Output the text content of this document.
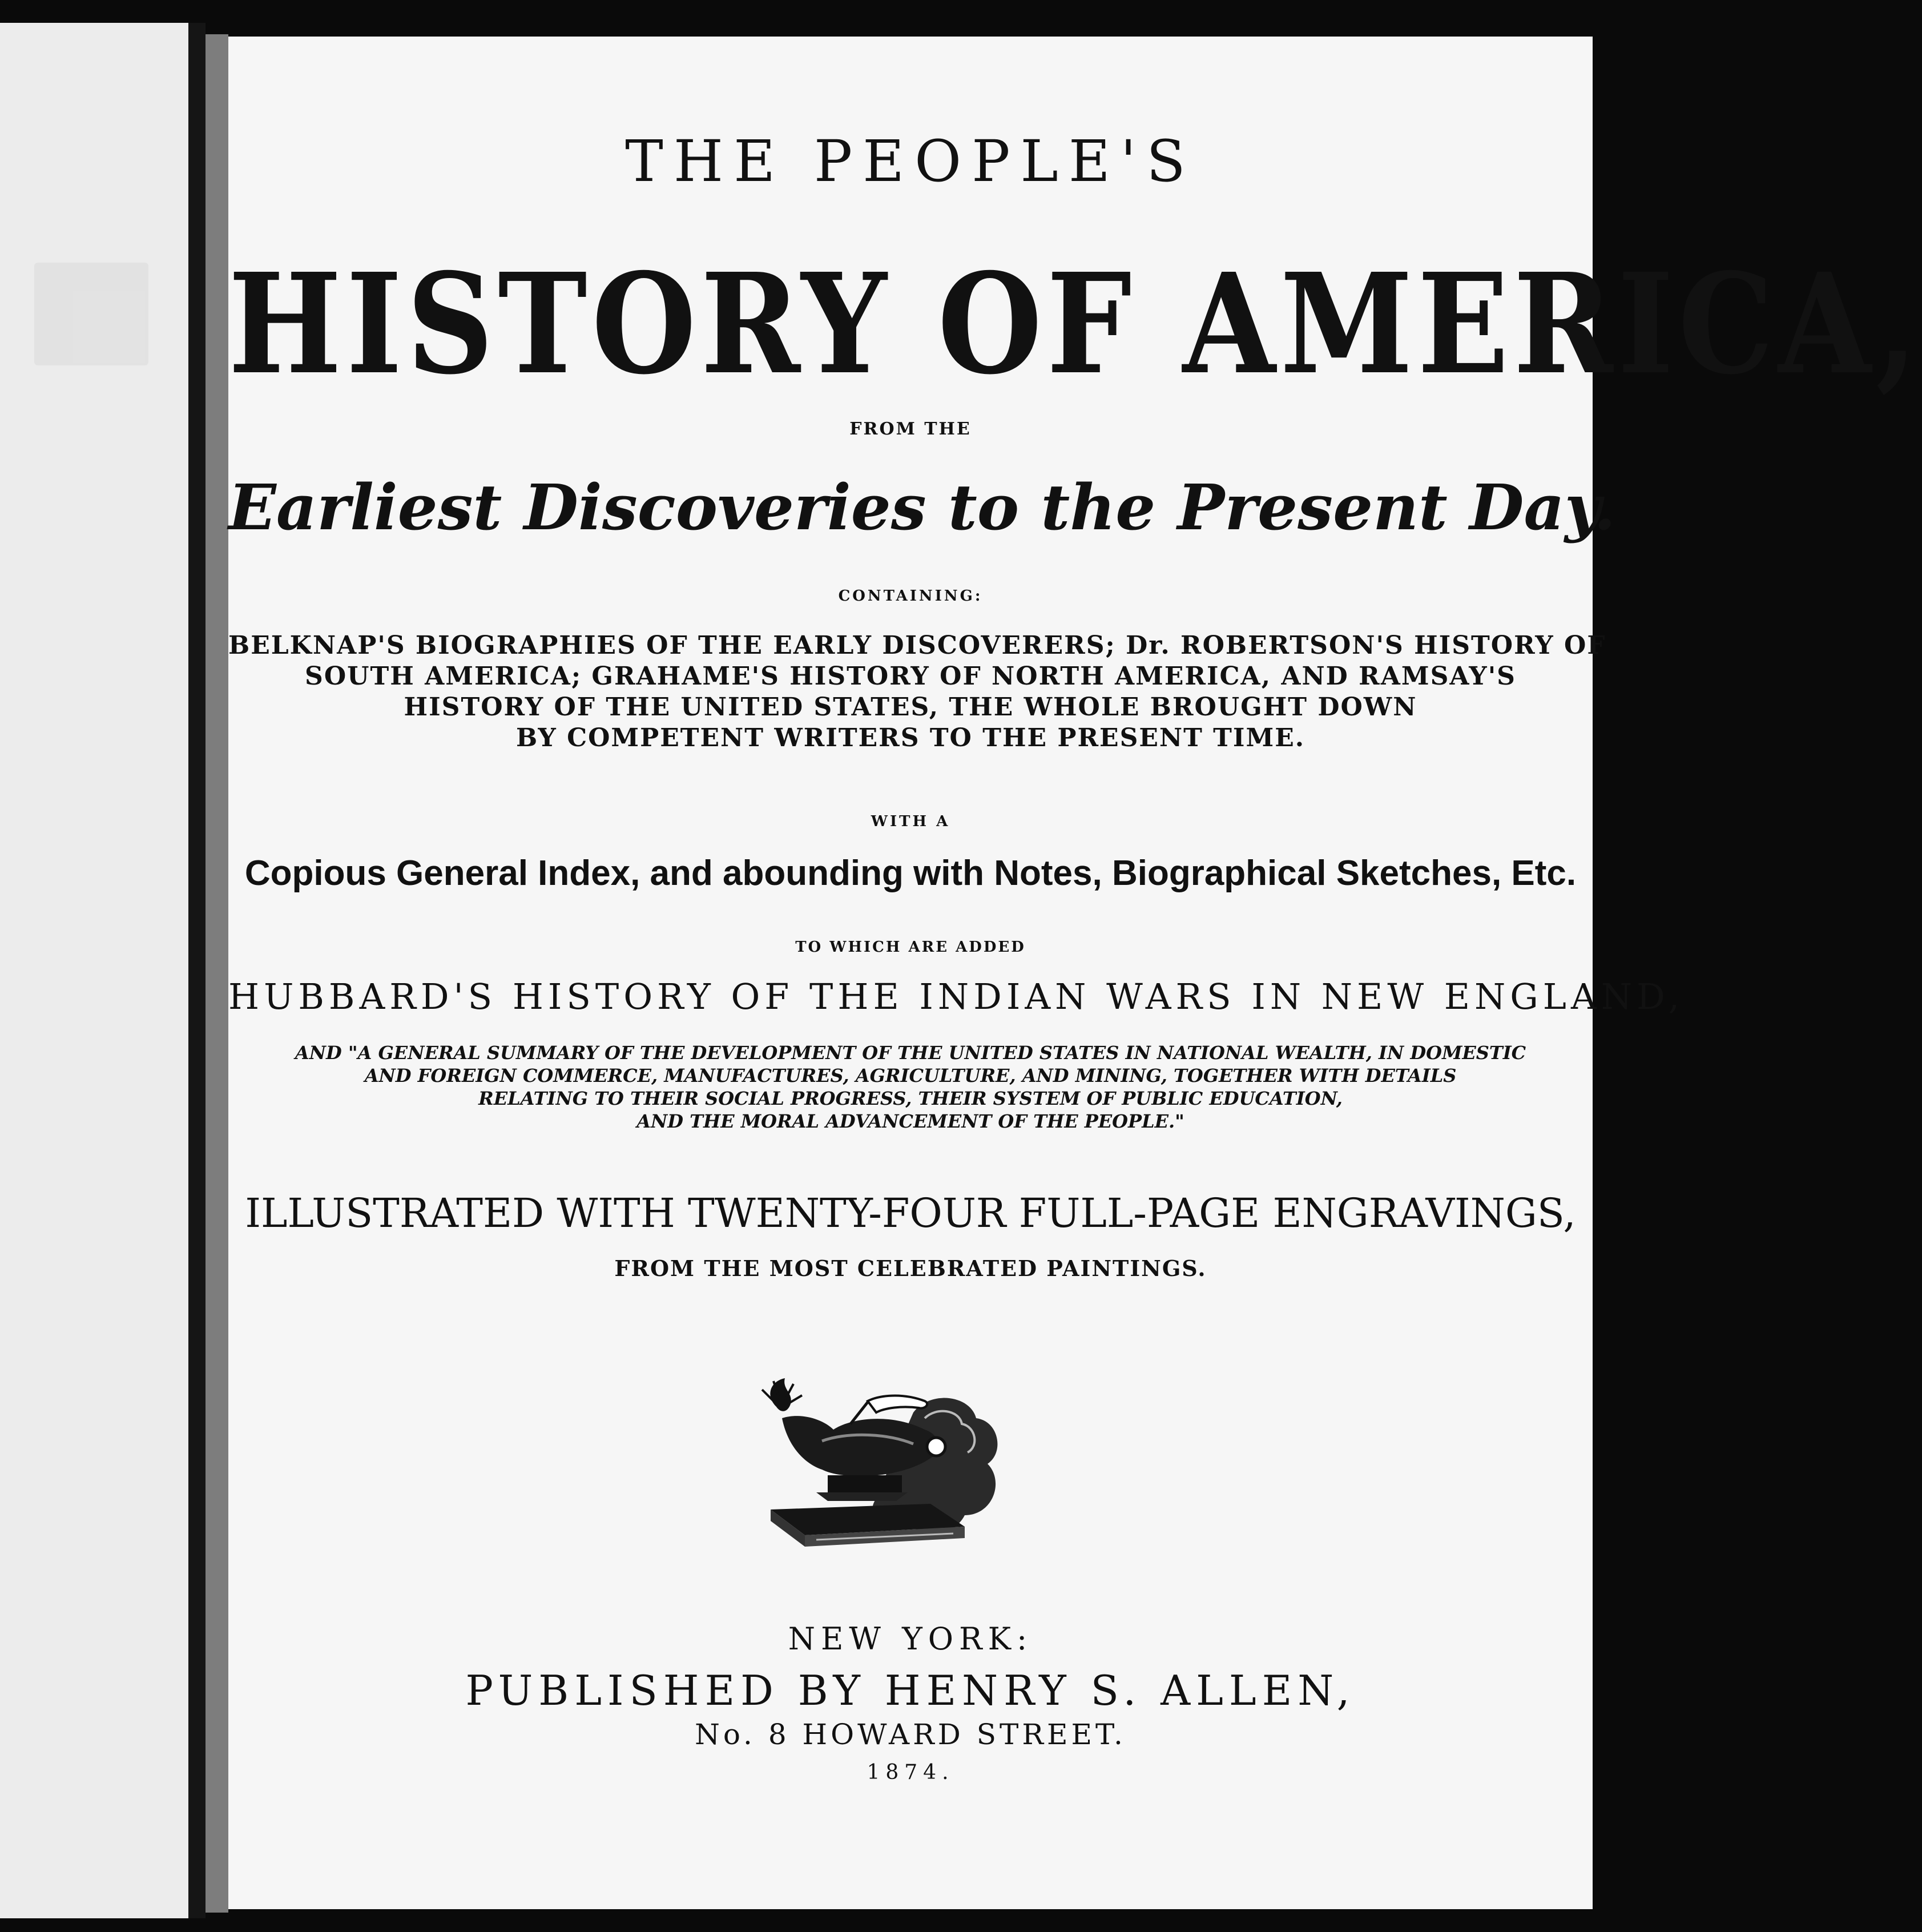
THE PEOPLE'S
HISTORY OF AMERICA,
FROM THE
Earliest Discoveries to the Present Day.
CONTAINING:
BELKNAP'S BIOGRAPHIES OF THE EARLY DISCOVERERS; Dr. ROBERTSON'S HISTORY OF
SOUTH AMERICA; GRAHAME'S HISTORY OF NORTH AMERICA, AND RAMSAY'S
HISTORY OF THE UNITED STATES, THE WHOLE BROUGHT DOWN
BY COMPETENT WRITERS TO THE PRESENT TIME.
WITH A
Copious General Index, and abounding with Notes, Biographical Sketches, Etc.
TO WHICH ARE ADDED
HUBBARD'S HISTORY OF THE INDIAN WARS IN NEW ENGLAND,
AND "A GENERAL SUMMARY OF THE DEVELOPMENT OF THE UNITED STATES IN NATIONAL WEALTH, IN DOMESTIC
AND FOREIGN COMMERCE, MANUFACTURES, AGRICULTURE, AND MINING, TOGETHER WITH DETAILS
RELATING TO THEIR SOCIAL PROGRESS, THEIR SYSTEM OF PUBLIC EDUCATION,
AND THE MORAL ADVANCEMENT OF THE PEOPLE."
ILLUSTRATED WITH TWENTY-FOUR FULL-PAGE ENGRAVINGS,
FROM THE MOST CELEBRATED PAINTINGS.
NEW YORK:
PUBLISHED BY HENRY S. ALLEN,
No. 8 HOWARD STREET.
1874.
